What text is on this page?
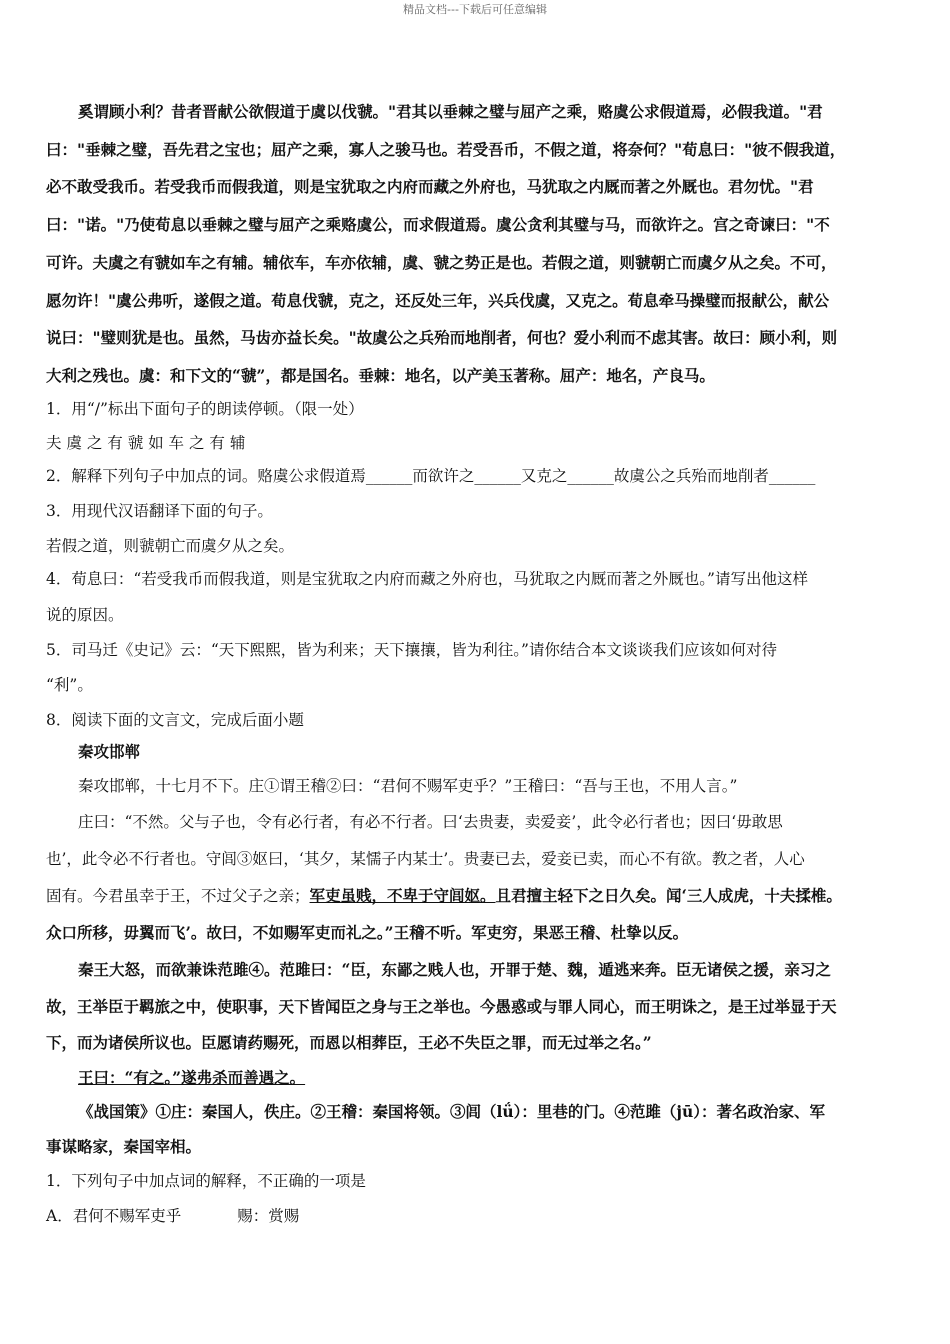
精品文档---下载后可任意编辑
奚谓顾小利？昔者晋献公欲假道于虞以伐虢。"君其以垂棘之璧与屈产之乘，赂虞公求假道焉，必假我道。"君
曰："垂棘之璧，吾先君之宝也；屈产之乘，寡人之骏马也。若受吾币，不假之道，将奈何？"荀息曰："彼不假我道，
必不敢受我币。若受我币而假我道，则是宝犹取之内府而藏之外府也，马犹取之内厩而著之外厩也。君勿忧。"君
曰："诺。"乃使荀息以垂棘之璧与屈产之乘赂虞公，而求假道焉。虞公贪利其璧与马，而欲许之。宫之奇谏曰："不
可许。夫虞之有虢如车之有辅。辅依车，车亦依辅，虞、虢之势正是也。若假之道，则虢朝亡而虞夕从之矣。不可，
愿勿许！"虞公弗听，遂假之道。荀息伐虢，克之，还反处三年，兴兵伐虞，又克之。荀息牵马操璧而报献公，献公
说曰："璧则犹是也。虽然，马齿亦益长矣。"故虞公之兵殆而地削者，何也？爱小利而不虑其害。故曰：顾小利，则
大利之残也。虞：和下文的“虢”，都是国名。垂棘：地名，以产美玉著称。屈产：地名，产良马。
1．用“/”标出下面句子的朗读停顿。（限一处）
夫 虞 之 有 虢 如 车 之 有 辅
2．解释下列句子中加点的词。赂虞公求假道焉______而欲许之______又克之______故虞公之兵殆而地削者______
3．用现代汉语翻译下面的句子。
若假之道，则虢朝亡而虞夕从之矣。
4．荀息曰：“若受我币而假我道，则是宝犹取之内府而藏之外府也，马犹取之内厩而著之外厩也。”请写出他这样
说的原因。
5．司马迁《史记》云：“天下熙熙，皆为利来；天下攘攘，皆为利往。”请你结合本文谈谈我们应该如何对待
“利”。
8．阅读下面的文言文，完成后面小题
秦攻邯郸
秦攻邯郸，十七月不下。庄①谓王稽②曰：“君何不赐军吏乎？”王稽曰：“吾与王也，不用人言。”
庄曰：“不然。父与子也，令有必行者，有必不行者。曰‘去贵妻，卖爱妾’，此令必行者也；因曰‘毋敢思
也’，此令必不行者也。守闾③妪曰，‘其夕，某懦子内某士’。贵妻已去，爱妾已卖，而心不有欲。教之者，人心
固有。今君虽幸于王，不过父子之亲；军吏虽贱，不卑于守闾妪。且君擅主轻下之日久矣。闻‘三人成虎，十夫揉椎。
众口所移，毋翼而飞’。故曰，不如赐军吏而礼之。”王稽不听。军吏穷，果恶王稽、杜挚以反。
秦王大怒，而欲兼诛范雎④。范雎曰：“臣，东鄙之贱人也，开罪于楚、魏，遁逃来奔。臣无诸侯之援，亲习之
故，王举臣于羁旅之中，使职事，天下皆闻臣之身与王之举也。今愚惑或与罪人同心，而王明诛之，是王过举显于天
下，而为诸侯所议也。臣愿请药赐死，而恩以相葬臣，王必不失臣之罪，而无过举之名。”
王曰：“有之。”遂弗杀而善遇之。
《战国策》①庄：秦国人，佚庄。②王稽：秦国将领。③闾（lǘ）：里巷的门。④范雎（jū）：著名政治家、军
事谋略家，秦国宰相。
1．下列句子中加点词的解释，不正确的一项是
A．君何不赐军吏乎	赐：赏赐
